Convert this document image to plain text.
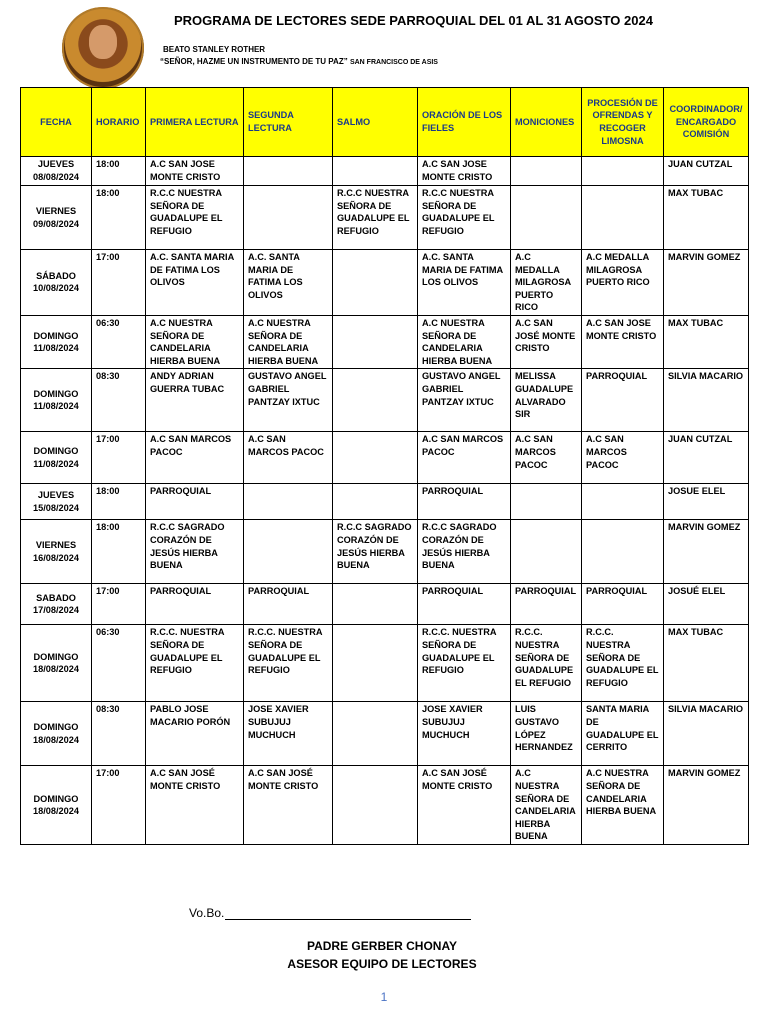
PROGRAMA DE LECTORES SEDE PARROQUIAL DEL 01 AL 31 AGOSTO 2024
BEATO STANLEY ROTHER
“SEÑOR, HAZME UN INSTRUMENTO DE TU PAZ” SAN FRANCISCO DE ASIS
FECHA	HORARIO	PRIMERA LECTURA	SEGUNDA LECTURA	SALMO	ORACIÓN DE LOS FIELES	MONICIONES	PROCESIÓN DE OFRENDAS Y RECOGER LIMOSNA	COORDINADOR/ENCARGADO COMISIÓN
JUEVES 08/08/2024	18:00	A.C SAN JOSE MONTE CRISTO			A.C SAN JOSE MONTE CRISTO			JUAN CUTZAL
VIERNES 09/08/2024	18:00	R.C.C NUESTRA SEÑORA DE GUADALUPE EL REFUGIO		R.C.C NUESTRA SEÑORA DE GUADALUPE EL REFUGIO	R.C.C NUESTRA SEÑORA DE GUADALUPE EL REFUGIO			MAX TUBAC
SÁBADO 10/08/2024	17:00	A.C. SANTA MARIA DE FATIMA LOS OLIVOS	A.C. SANTA MARIA DE FATIMA LOS OLIVOS		A.C. SANTA MARIA DE FATIMA LOS OLIVOS	A.C MEDALLA MILAGROSA PUERTO RICO	A.C MEDALLA MILAGROSA PUERTO RICO	MARVIN GOMEZ
DOMINGO 11/08/2024	06:30	A.C NUESTRA SEÑORA DE CANDELARIA HIERBA BUENA	A.C NUESTRA SEÑORA DE CANDELARIA HIERBA BUENA		A.C NUESTRA SEÑORA DE CANDELARIA HIERBA BUENA	A.C SAN JOSÉ MONTE CRISTO	A.C SAN JOSE MONTE CRISTO	MAX TUBAC
DOMINGO 11/08/2024	08:30	ANDY ADRIAN GUERRA TUBAC	GUSTAVO ANGEL GABRIEL PANTZAY IXTUC		GUSTAVO ANGEL GABRIEL PANTZAY IXTUC	MELISSA GUADALUPE ALVARADO SIR	PARROQUIAL	SILVIA MACARIO
DOMINGO 11/08/2024	17:00	A.C SAN MARCOS PACOC	A.C SAN MARCOS PACOC		A.C SAN MARCOS PACOC	A.C SAN MARCOS PACOC	A.C SAN MARCOS PACOC	JUAN CUTZAL
JUEVES 15/08/2024	18:00	PARROQUIAL			PARROQUIAL			JOSUE ELEL
VIERNES 16/08/2024	18:00	R.C.C SAGRADO CORAZÓN DE JESÚS HIERBA BUENA		R.C.C SAGRADO CORAZÓN DE JESÚS HIERBA BUENA	R.C.C SAGRADO CORAZÓN DE JESÚS HIERBA BUENA			MARVIN GOMEZ
SABADO 17/08/2024	17:00	PARROQUIAL	PARROQUIAL		PARROQUIAL	PARROQUIAL	PARROQUIAL	JOSUÉ ELEL
DOMINGO 18/08/2024	06:30	R.C.C. NUESTRA SEÑORA DE GUADALUPE EL REFUGIO	R.C.C. NUESTRA SEÑORA DE GUADALUPE EL REFUGIO		R.C.C. NUESTRA SEÑORA DE GUADALUPE EL REFUGIO	R.C.C. NUESTRA SEÑORA DE GUADALUPE EL REFUGIO	R.C.C. NUESTRA SEÑORA DE GUADALUPE EL REFUGIO	MAX TUBAC
DOMINGO 18/08/2024	08:30	PABLO JOSE MACARIO PORÓN	JOSE XAVIER SUBUJUJ MUCHUCH		JOSE XAVIER SUBUJUJ MUCHUCH	LUIS GUSTAVO LÓPEZ HERNANDEZ	SANTA MARIA DE GUADALUPE EL CERRITO	SILVIA MACARIO
DOMINGO 18/08/2024	17:00	A.C SAN JOSÉ MONTE CRISTO	A.C SAN JOSÉ MONTE CRISTO		A.C SAN JOSÉ MONTE CRISTO	A.C NUESTRA SEÑORA DE CANDELARIA HIERBA BUENA	A.C NUESTRA SEÑORA DE CANDELARIA HIERBA BUENA	MARVIN GOMEZ
Vo.Bo.
PADRE GERBER CHONAY
ASESOR EQUIPO DE LECTORES
1
